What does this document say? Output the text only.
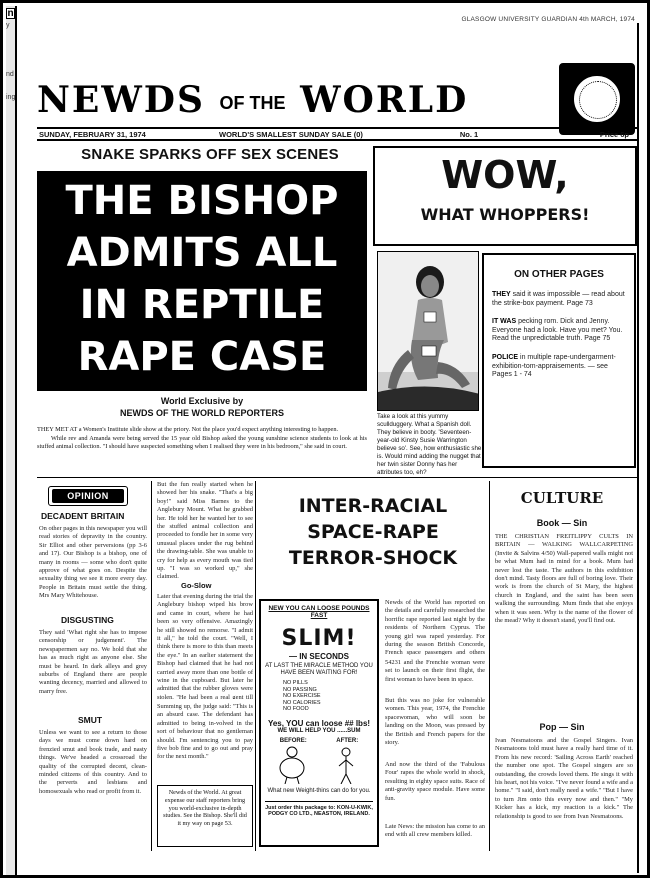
n
y
nd
ing
GLASGOW UNIVERSITY GUARDIAN 4th MARCH, 1974
NEWDS OF THE WORLD
SUNDAY, FEBRUARY 31, 1974	WORLD'S SMALLEST SUNDAY SALE (0)	No. 1	Price 6p
SNAKE SPARKS OFF SEX SCENES
THE BISHOP
ADMITS ALL
IN REPTILE
RAPE CASE
World Exclusive by
NEWDS OF THE WORLD REPORTERS
THEY MET AT a Women's Institute slide show at the priory. Not the place you'd expect anything interesting to happen.
While rev and Amanda were being served the 15 year old Bishop asked the young sunshine science students to look at his stuffed animal collection. "I should have suspected something when I realised they were in his bedroom," she said in court.
WOW,
WHAT WHOPPERS!
Take a look at this yummy scullduggery. What a Spanish doll. They believe in booty. 'Seventeen-year-old Kinsty Susie Warrington believe so'. See, how enthusiastic she is. Would mind adding the nugget that her twin sister Donny has her attributes too, eh?
ON OTHER PAGES

THEY said it was impossible — read about the strike-box payment. Page 73

IT WAS pecking rom. Dick and Jenny. Everyone had a look. Have you met? You. Read the unpredictable truth. Page 75

POLICE in multiple rape-undergarment-exhibition-tom-appraisements. — see Pages 1 - 74

OPINION
DECADENT BRITAIN
On other pages in this newspaper you will read stories of depravity in the country. Sir Elliot and other perversions (pp 3-6 and 17). Our Bishop is a bishop, one of many in rooms — some who don't quite approve of what goes on. Despite the sexuality thing we see it more every day. People in Britain must settle the thing. Mrs Mary Whitehouse.
DISGUSTING
They said 'What right she has to impose censorship or judgement'. The newspapermen say no. We hold that she has as much right as anyone else. She must be heard. In dark alleys and grey suburbs of England there are people wanting decency, married and allowed to marry free.
SMUT
Unless we want to see a return to those days we must come down hard on frenzied smut and book trade, and nasty things. We've headed a crossroad the quality of the corrupted decent, clean-minded citizens of this country. And to the perverts and lesbians and homosexuals who read or profit from it.
But the fun really started when he showed her his snake. "That's a big boy!" said Miss Barnes to the Anglebury Mount. What he grabbed her. He told her he wanted her to see the stuffed animal collection and proceeded to fondle her in some very unusual places under the rug behind the drawing-table. She was unable to cry for help as every mouth was tied up. "I was so worked up," she claimed.
Go-Slow
Later that evening during the trial the Anglebury bishop wiped his brow and came in court, where he had been so very offensive. Amazingly he still showed no remorse. "I admit it all," he told the court. "Well, I think there is more to this than meets the eye." In an earlier statement the Bishop had claimed that he had not carried away more than one bottle of wine in the cupboard. But later he admitted that the rubber gloves were stolen. "He had been a real gent till
Summing up, the judge said: "This is an absurd case. The defendant has admitted to being in-volved in the sort of behaviour that no gentleman should. I'm sentencing you to pay five bob fine and to go out and pray for the next month."
Newds of the World. At great expense our staff reporters bring you world-exclusive in-depth studies. See the Bishop. She'll did it my way on page 53.
INTER-RACIAL
SPACE-RAPE
TERROR-SHOCK
NEW YOU CAN LOOSE POUNDS FAST
SLIM!
— IN SECONDS
AT LAST THE MIRACLE METHOD YOU HAVE BEEN WAITING FOR!
NO PILLS
NO PASSING
NO EXERCISE
NO CALORIES
NO FOOD
Yes, YOU can loose ## lbs!
WE WILL HELP YOU ......SUM
BEFORE:	AFTER:
What new Weight-thins can do for you.
Just order this package to: KON-U-KWIK, PODGY CO LTD., NEASTON, IRELAND.
Newds of the World has reported on the details and carefully researched the horrific rape reported last night by the residents of Northern Cyprus. The young girl was raped yesterday. For during the season British Concorde, French space passengers and others
54231 and the Frenchie woman were set to launch on their first flight, the first woman to have been in space.
But this was no joke for vulnerable women. This year, 1974, the Frenchie spacewoman, who will soon be landing on the Moon, was pressed by the British and French papers for the story.
And now the third of the 'Fabulous Four' rapes the whole world in shock, resulting in eighty space suits. Race of anti-gravity space module. Have some fun.
Late News: the mission has come to an end with all crew members killed.
CULTURE
Book — Sin
THE CHRISTIAN FREITLIPPY CULTS IN BRITAIN — WALKING WALLCARPETING (Invite & Salvins 4/50) Wall-papered walls might not be what Mum had in mind for a book. Mum had never lost the taste. The authors in this exhibition don't mind. Tasty floors are full of boring love. Their work is from the church of St Mary, the highest church in England, and the saint has been seen walking the surrounding. Mum finds that she enjoys when it was seen. Why is the name of the flower of the mead? Why it doesn't stand, you'll find out.
Pop — Sin
Ivan Nesmatoons and the Gospel Singers. Ivan Nesmatoons told must have a really hard time of it. From his new record: 'Sailing Across Earth' reached the number one spot. The Gospel singers are so outstanding, the crowds loved them. He sings it with his heart, not his voice. "I've never found a wife and a home." "I said, don't really need a wife." "But I have to turn Jim onto this every now and then." "My Kicker has a kick, my reaction is a kick." The relationship is good to see from Ivan Nesmatoons.
